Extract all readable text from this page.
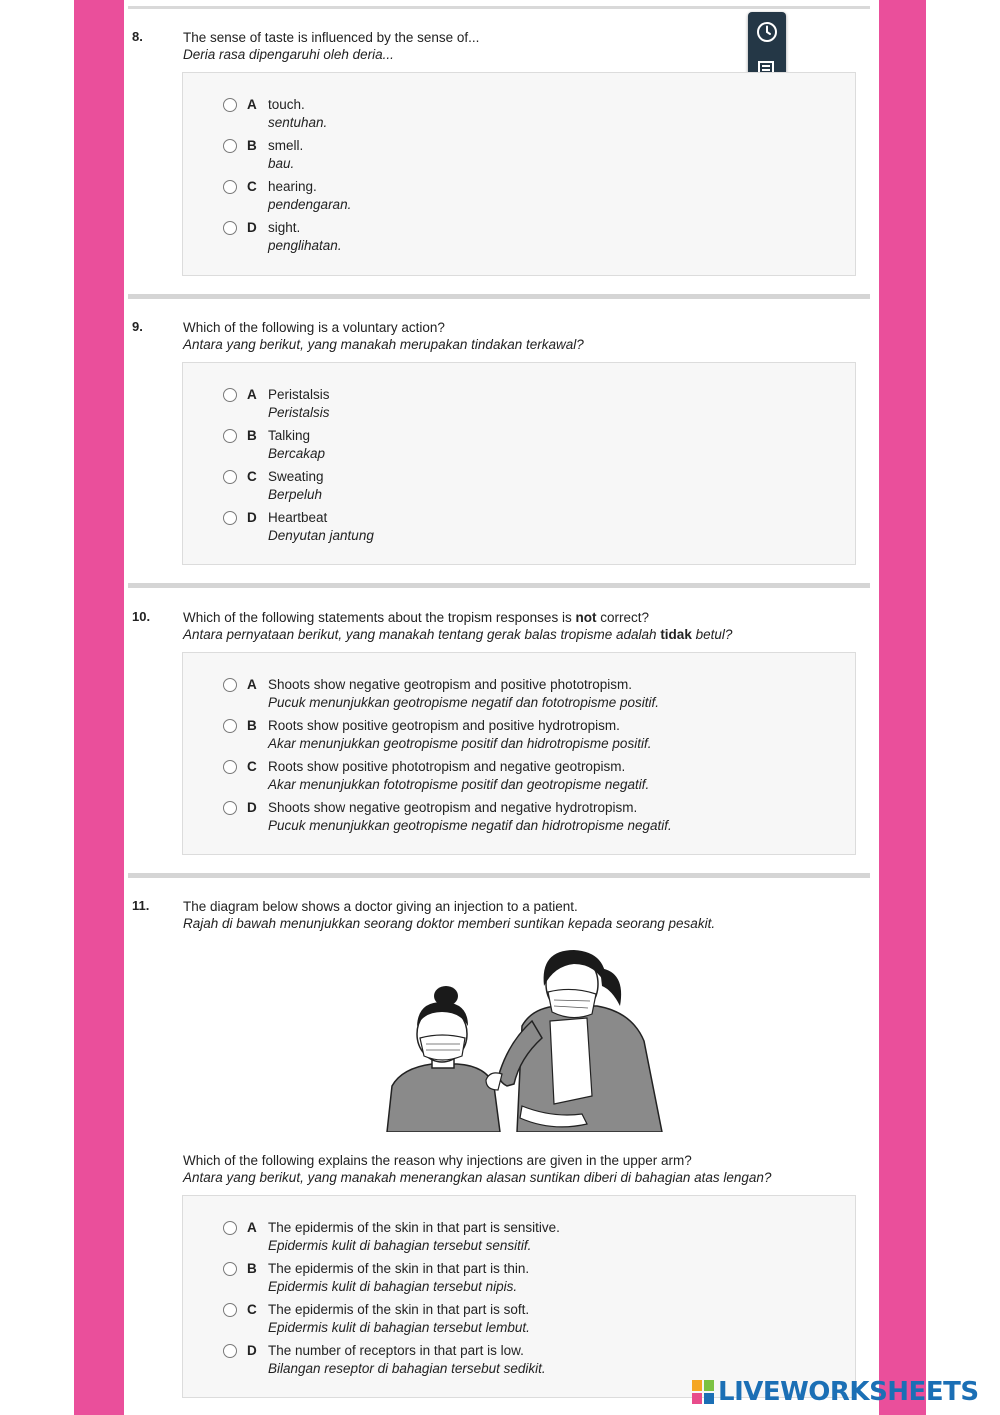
8.	The sense of taste is influenced by the sense of...
Deria rasa dipengaruhi oleh deria...
A touch.
sentuhan.
B smell.
bau.
C hearing.
pendengaran.
D sight.
penglihatan.
9.	Which of the following is a voluntary action?
Antara yang berikut, yang manakah merupakan tindakan terkawal?
A Peristalsis
Peristalsis
B Talking
Bercakap
C Sweating
Berpeluh
D Heartbeat
Denyutan jantung
10. Which of the following statements about the tropism responses is not correct?
Antara pernyataan berikut, yang manakah tentang gerak balas tropisme adalah tidak betul?
A Shoots show negative geotropism and positive phototropism.
Pucuk menunjukkan geotropisme negatif dan fototropisme positif.
B Roots show positive geotropism and positive hydrotropism.
Akar menunjukkan geotropisme positif dan hidrotropisme positif.
C Roots show positive phototropism and negative geotropism.
Akar menunjukkan fototropisme positif dan geotropisme negatif.
D Shoots show negative geotropism and negative hydrotropism.
Pucuk menunjukkan geotropisme negatif dan hidrotropisme negatif.
11. The diagram below shows a doctor giving an injection to a patient.
Rajah di bawah menunjukkan seorang doktor memberi suntikan kepada seorang pesakit.
Which of the following explains the reason why injections are given in the upper arm?
Antara yang berikut, yang manakah menerangkan alasan suntikan diberi di bahagian atas lengan?
A The epidermis of the skin in that part is sensitive.
Epidermis kulit di bahagian tersebut sensitif.
B The epidermis of the skin in that part is thin.
Epidermis kulit di bahagian tersebut nipis.
C The epidermis of the skin in that part is soft.
Epidermis kulit di bahagian tersebut lembut.
D The number of receptors in that part is low.
Bilangan reseptor di bahagian tersebut sedikit.
LIVEWORKSHEETS
